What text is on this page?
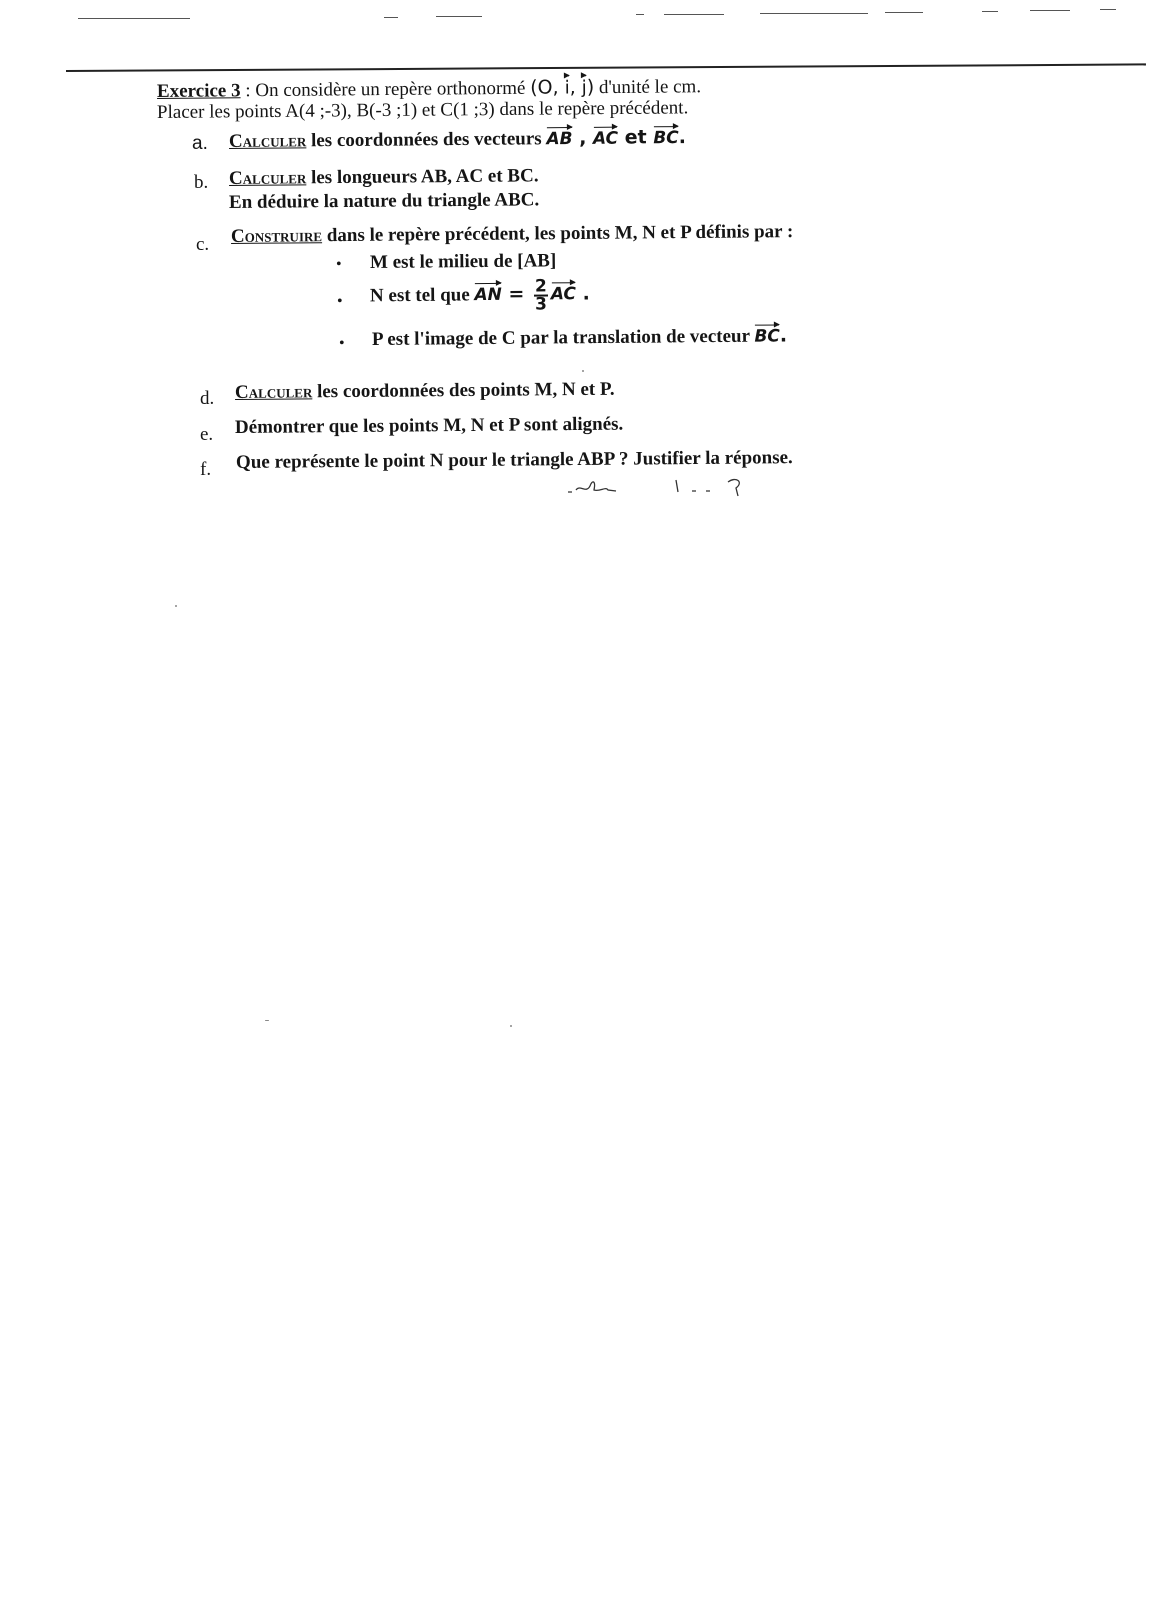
Exercice 3 : On considère un repère orthonormé (O, i, j) d'unité le cm.
Placer les points A(4 ;-3), B(-3 ;1) et C(1 ;3) dans le repère précédent.
a. Calculer les coordonnées des vecteurs AB , AC et BC.
b. Calculer les longueurs AB, AC et BC.
En déduire la nature du triangle ABC.
c. Construire dans le repère précédent, les points M, N et P définis par :
• M est le milieu de [AB]
• N est tel que AN = $\frac{2}{3}$ AC .
• P est l'image de C par la translation de vecteur BC.
d. Calculer les coordonnées des points M, N et P.
e. Démontrer que les points M, N et P sont alignés.
f. Que représente le point N pour le triangle ABP ? Justifier la réponse.
